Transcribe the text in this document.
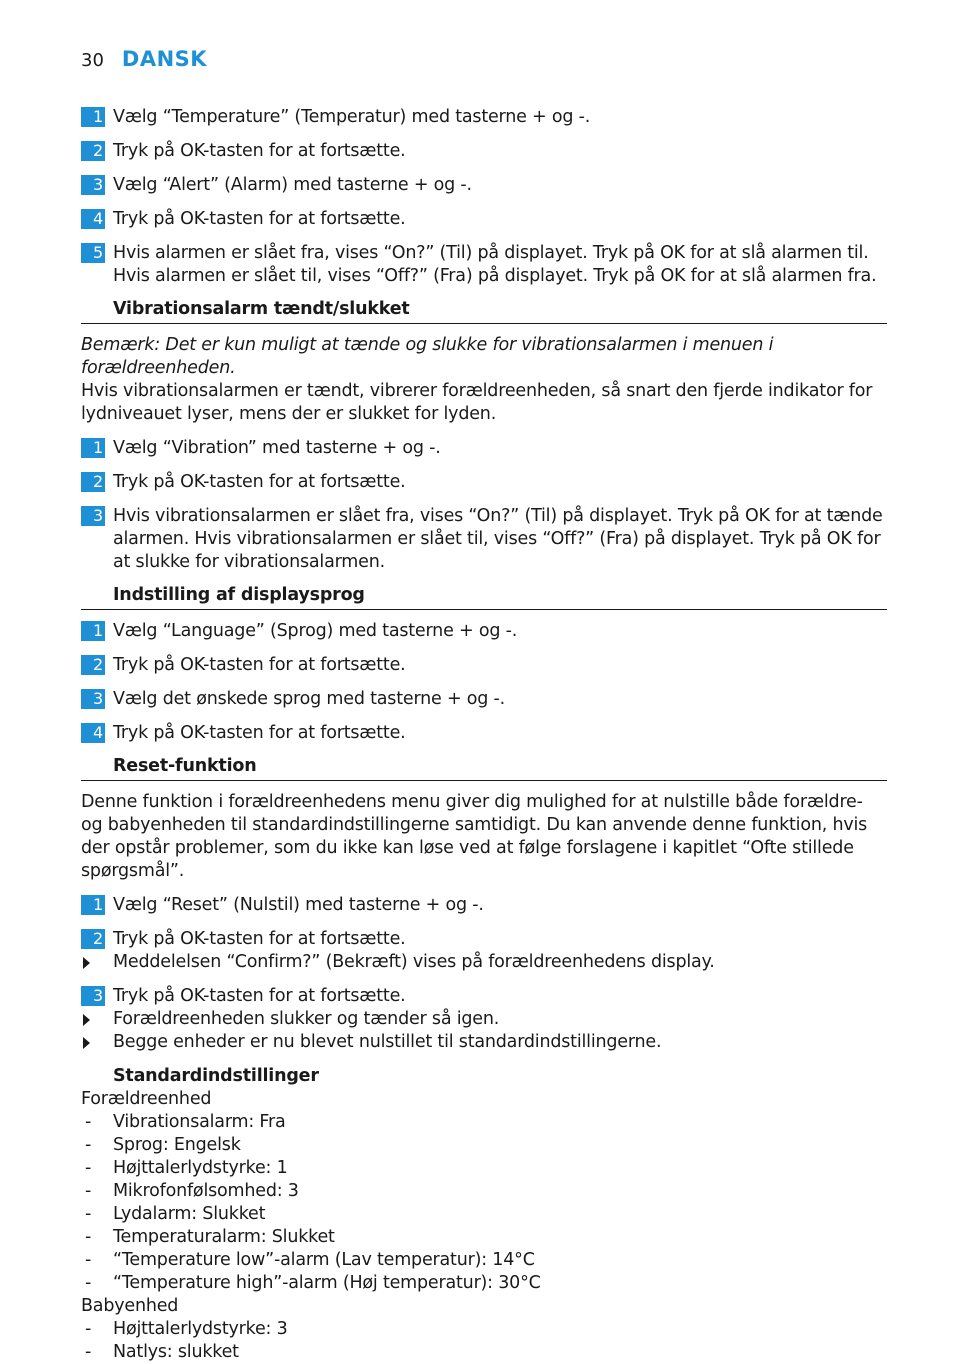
30 DANSK
1 Vælg “Temperature” (Temperatur) med tasterne + og -.
2 Tryk på OK-tasten for at fortsætte.
3 Vælg “Alert” (Alarm) med tasterne + og -.
4 Tryk på OK-tasten for at fortsætte.
5 Hvis alarmen er slået fra, vises “On?” (Til) på displayet. Tryk på OK for at slå alarmen til. Hvis alarmen er slået til, vises “Off?” (Fra) på displayet. Tryk på OK for at slå alarmen fra.
Vibrationsalarm tændt/slukket
Bemærk: Det er kun muligt at tænde og slukke for vibrationsalarmen i menuen i forældreenheden.
Hvis vibrationsalarmen er tændt, vibrerer forældreenheden, så snart den fjerde indikator for lydniveauet lyser, mens der er slukket for lyden.
1 Vælg “Vibration” med tasterne + og -.
2 Tryk på OK-tasten for at fortsætte.
3 Hvis vibrationsalarmen er slået fra, vises “On?” (Til) på displayet. Tryk på OK for at tænde alarmen. Hvis vibrationsalarmen er slået til, vises “Off?” (Fra) på displayet. Tryk på OK for at slukke for vibrationsalarmen.
Indstilling af displaysprog
1 Vælg “Language” (Sprog) med tasterne + og -.
2 Tryk på OK-tasten for at fortsætte.
3 Vælg det ønskede sprog med tasterne + og -.
4 Tryk på OK-tasten for at fortsætte.
Reset-funktion
Denne funktion i forældreenhedens menu giver dig mulighed for at nulstille både forældre- og babyenheden til standardindstillingerne samtidigt. Du kan anvende denne funktion, hvis der opstår problemer, som du ikke kan løse ved at følge forslagene i kapitlet “Ofte stillede spørgsmål”.
1 Vælg “Reset” (Nulstil) med tasterne + og -.
2 Tryk på OK-tasten for at fortsætte.
Meddelelsen “Confirm?” (Bekræft) vises på forældreenhedens display.
3 Tryk på OK-tasten for at fortsætte.
Forældreenheden slukker og tænder så igen.
Begge enheder er nu blevet nulstillet til standardindstillingerne.
Standardindstillinger
Forældreenhed
- Vibrationsalarm: Fra
- Sprog: Engelsk
- Højttalerlydstyrke: 1
- Mikrofonfølsomhed: 3
- Lydalarm: Slukket
- Temperaturalarm: Slukket
- “Temperature low”-alarm (Lav temperatur): 14°C
- “Temperature high”-alarm (Høj temperatur): 30°C
Babyenhed
- Højttalerlydstyrke: 3
- Natlys: slukket
